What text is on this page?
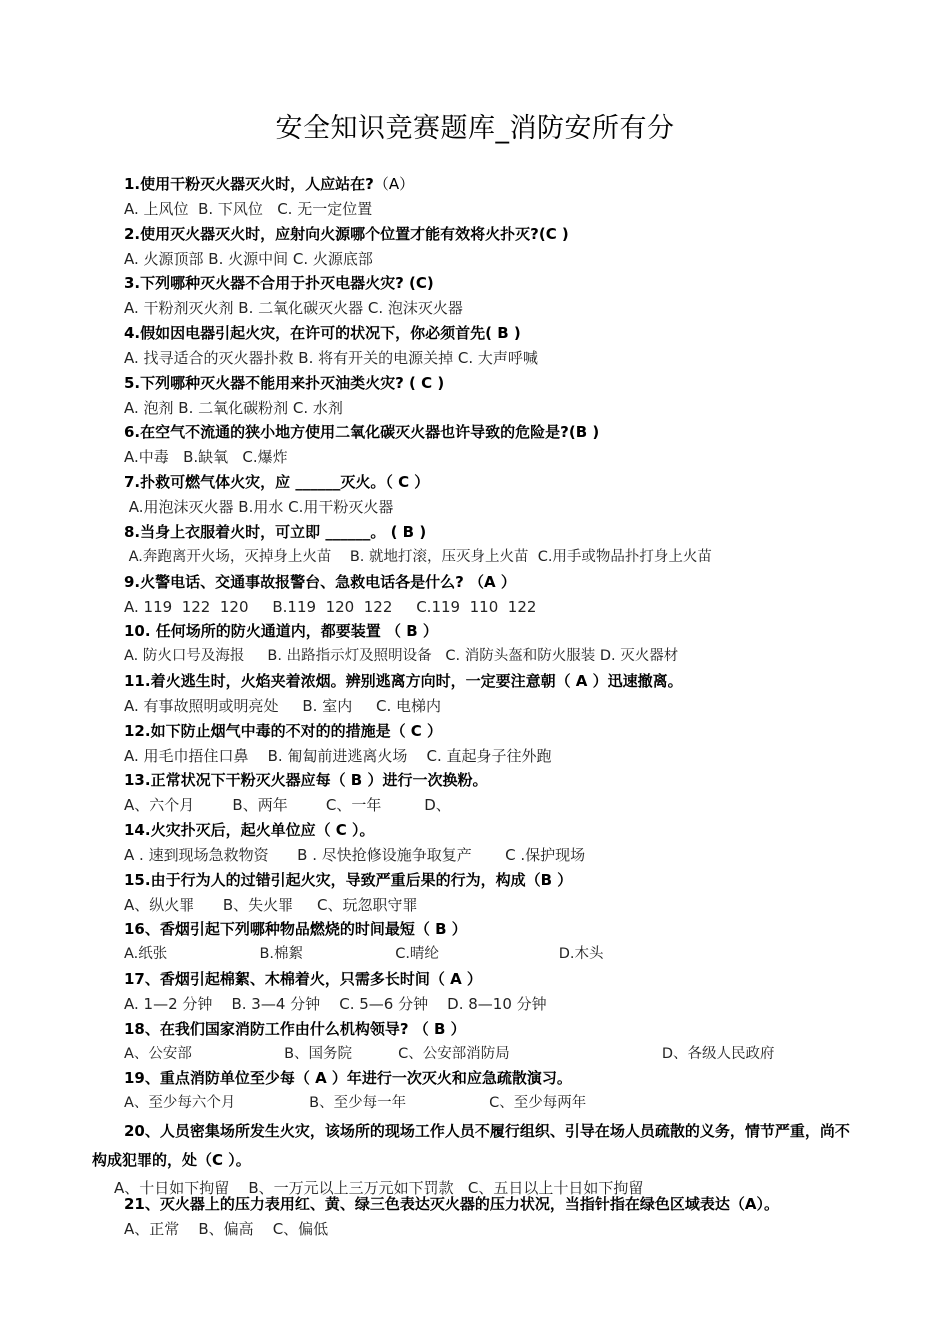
安全知识竞赛题库_消防安所有分
1.使用干粉灭火器灭火时，人应站在?（A）
A. 上风位  B. 下风位   C. 无一定位置
2.使用灭火器灭火时，应射向火源哪个位置才能有效将火扑灭?(C )
A. 火源顶部 B. 火源中间 C. 火源底部
3.下列哪种灭火器不合用于扑灭电器火灾? (C)
A. 干粉剂灭火剂 B. 二氧化碳灭火器 C. 泡沫灭火器
4.假如因电器引起火灾，在许可的状况下，你必须首先( B )
A. 找寻适合的灭火器扑救 B. 将有开关的电源关掉 C. 大声呼喊
5.下列哪种灭火器不能用来扑灭油类火灾? ( C )
A. 泡剂 B. 二氧化碳粉剂 C. 水剂
6.在空气不流通的狭小地方使用二氧化碳灭火器也许导致的危险是?(B )
A.中毒   B.缺氧   C.爆炸
7.扑救可燃气体火灾，应 ______灭火。（ C ）
A.用泡沫灭火器 B.用水 C.用干粉灭火器
8.当身上衣服着火时，可立即 ______。 ( B )
A.奔跑离开火场，灭掉身上火苗    B. 就地打滚，压灭身上火苗  C.用手或物品扑打身上火苗
9.火警电话、交通事故报警台、急救电话各是什么? （A ）
A. 119  122  120     B.119  120  122     C.119  110  122
10. 任何场所的防火通道内，都要装置 （ B ）
A. 防火口号及海报     B. 出路指示灯及照明设备   C. 消防头盔和防火服装 D. 灭火器材
11.着火逃生时，火焰夹着浓烟。辨别逃离方向时，一定要注意朝（ A ）迅速撤离。
A. 有事故照明或明亮处     B. 室内     C. 电梯内
12.如下防止烟气中毒的不对的的措施是（ C ）
A. 用毛巾捂住口鼻    B. 匍匐前进逃离火场    C. 直起身子往外跑
13.正常状况下干粉灭火器应每（ B ）进行一次换粉。
A、六个月        B、两年        C、一年         D、
14.火灾扑灭后，起火单位应（ C ）。
A . 速到现场急救物资      B . 尽快抢修设施争取复产       C .保护现场
15.由于行为人的过错引起火灾，导致严重后果的行为，构成（B ）
A、纵火罪      B、失火罪     C、玩忽职守罪
16、香烟引起下列哪种物品燃烧的时间最短（ B ）
A.纸张                    B.棉絮                    C.晴纶                          D.木头
17、香烟引起棉絮、木棉着火，只需多长时间（ A ）
A. 1—2 分钟    B. 3—4 分钟    C. 5—6 分钟    D. 8—10 分钟
18、在我们国家消防工作由什么机构领导? （ B ）
A、公安部                    B、国务院          C、公安部消防局                                 D、各级人民政府
19、重点消防单位至少每（ A ）年进行一次灭火和应急疏散演习。
A、至少每六个月                B、至少每一年                  C、至少每两年
20、人员密集场所发生火灾，该场所的现场工作人员不履行组织、引导在场人员疏散的义务，情节严重，尚不构成犯罪的，处（C ）。
A、十日如下拘留    B、一万元以上三万元如下罚款   C、五日以上十日如下拘留
21、灭火器上的压力表用红、黄、绿三色表达灭火器的压力状况，当指针指在绿色区域表达（A）。
A、正常    B、偏高    C、偏低
